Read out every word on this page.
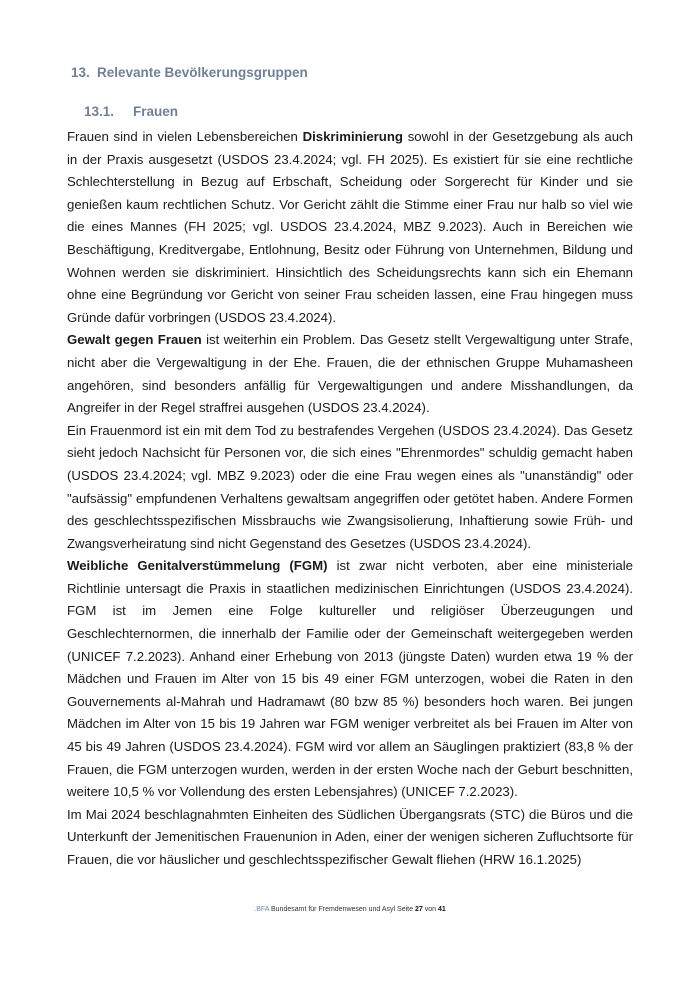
13. Relevante Bevölkerungsgruppen
13.1. Frauen

Frauen sind in vielen Lebensbereichen Diskriminierung sowohl in der Gesetzgebung als auch in der Praxis ausgesetzt (USDOS 23.4.2024; vgl. FH 2025). Es existiert für sie eine rechtliche Schlechterstellung in Bezug auf Erbschaft, Scheidung oder Sorgerecht für Kinder und sie genießen kaum rechtlichen Schutz. Vor Gericht zählt die Stimme einer Frau nur halb so viel wie die eines Mannes (FH 2025; vgl. USDOS 23.4.2024, MBZ 9.2023). Auch in Bereichen wie Beschäftigung, Kreditvergabe, Entlohnung, Besitz oder Führung von Unternehmen, Bildung und Wohnen werden sie diskriminiert. Hinsichtlich des Scheidungsrechts kann sich ein Ehemann ohne eine Begründung vor Gericht von seiner Frau scheiden lassen, eine Frau hingegen muss Gründe dafür vorbringen (USDOS 23.4.2024).

Gewalt gegen Frauen ist weiterhin ein Problem. Das Gesetz stellt Vergewaltigung unter Strafe, nicht aber die Vergewaltigung in der Ehe. Frauen, die der ethnischen Gruppe Muhamasheen angehören, sind besonders anfällig für Vergewaltigungen und andere Misshandlungen, da Angreifer in der Regel straffrei ausgehen (USDOS 23.4.2024).

Ein Frauenmord ist ein mit dem Tod zu bestrafendes Vergehen (USDOS 23.4.2024). Das Gesetz sieht jedoch Nachsicht für Personen vor, die sich eines "Ehrenmordes" schuldig gemacht haben (USDOS 23.4.2024; vgl. MBZ 9.2023) oder die eine Frau wegen eines als "unanständig" oder "aufsässig" empfundenen Verhaltens gewaltsam angegriffen oder getötet haben. Andere Formen des geschlechtsspezifischen Missbrauchs wie Zwangsisolierung, Inhaftierung sowie Früh- und Zwangsverheiratung sind nicht Gegenstand des Gesetzes (USDOS 23.4.2024).

Weibliche Genitalverstümmelung (FGM) ist zwar nicht verboten, aber eine ministeriale Richtlinie untersagt die Praxis in staatlichen medizinischen Einrichtungen (USDOS 23.4.2024). FGM ist im Jemen eine Folge kultureller und religiöser Überzeugungen und Geschlechternormen, die innerhalb der Familie oder der Gemeinschaft weitergegeben werden (UNICEF 7.2.2023). Anhand einer Erhebung von 2013 (jüngste Daten) wurden etwa 19 % der Mädchen und Frauen im Alter von 15 bis 49 einer FGM unterzogen, wobei die Raten in den Gouvernements al-Mahrah und Hadramawt (80 bzw 85 %) besonders hoch waren. Bei jungen Mädchen im Alter von 15 bis 19 Jahren war FGM weniger verbreitet als bei Frauen im Alter von 45 bis 49 Jahren (USDOS 23.4.2024). FGM wird vor allem an Säuglingen praktiziert (83,8 % der Frauen, die FGM unterzogen wurden, werden in der ersten Woche nach der Geburt beschnitten, weitere 10,5 % vor Vollendung des ersten Lebensjahres) (UNICEF 7.2.2023).

Im Mai 2024 beschlagnahmten Einheiten des Südlichen Übergangsrats (STC) die Büros und die Unterkunft der Jemenitischen Frauenunion in Aden, einer der wenigen sicheren Zufluchtsorte für Frauen, die vor häuslicher und geschlechtsspezifischer Gewalt fliehen (HRW 16.1.2025)

.BFA Bundesamt für Fremdenwesen und Asyl Seite 27 von 41
